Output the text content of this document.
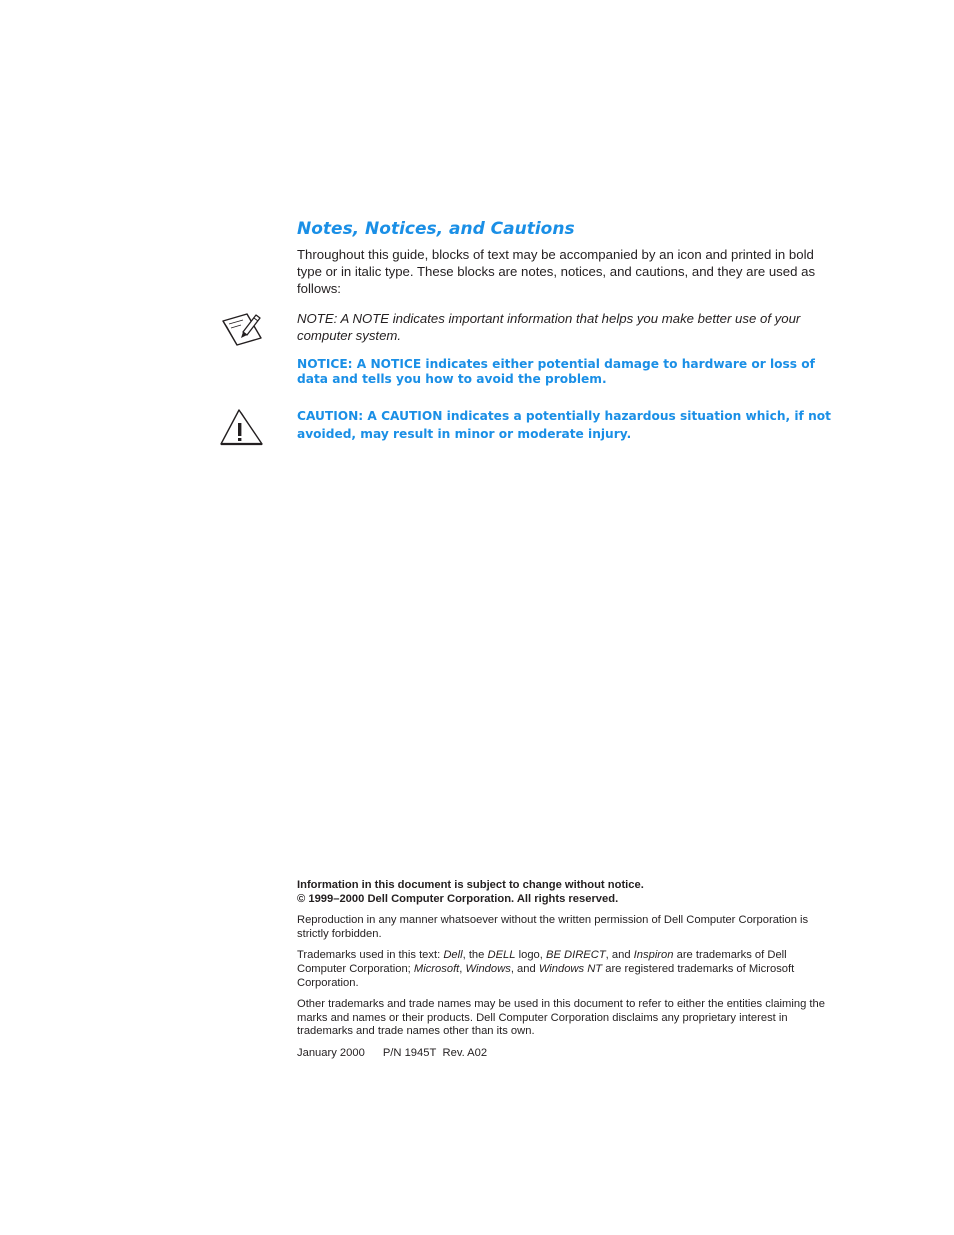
Notes, Notices, and Cautions

Throughout this guide, blocks of text may be accompanied by an icon and printed in bold type or in italic type. These blocks are notes, notices, and cautions, and they are used as follows:

NOTE: A NOTE indicates important information that helps you make better use of your computer system.

NOTICE: A NOTICE indicates either potential damage to hardware or loss of data and tells you how to avoid the problem.

CAUTION: A CAUTION indicates a potentially hazardous situation which, if not avoided, may result in minor or moderate injury.

Information in this document is subject to change without notice.
© 1999–2000 Dell Computer Corporation. All rights reserved.

Reproduction in any manner whatsoever without the written permission of Dell Computer Corporation is strictly forbidden.

Trademarks used in this text: Dell, the DELL logo, BE DIRECT, and Inspiron are trademarks of Dell Computer Corporation; Microsoft, Windows, and Windows NT are registered trademarks of Microsoft Corporation.

Other trademarks and trade names may be used in this document to refer to either the entities claiming the marks and names or their products. Dell Computer Corporation disclaims any proprietary interest in trademarks and trade names other than its own.

January 2000 P/N 1945T Rev. A02
